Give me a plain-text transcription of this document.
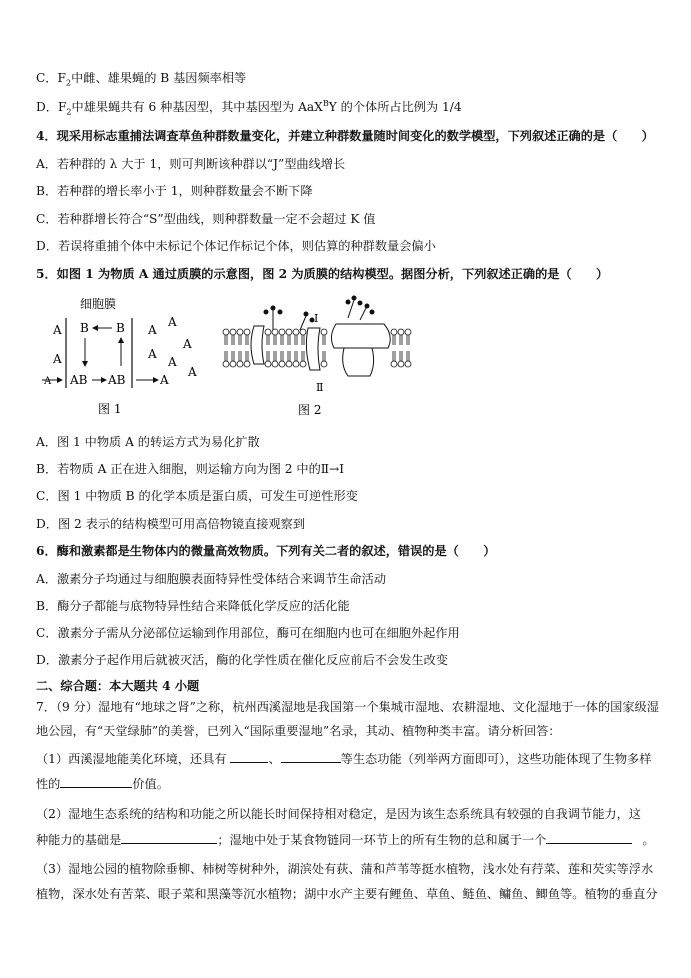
C．$F_2$中雌、雄果蝇的 B 基因频率相等
D．$F_2$中雄果蝇共有 6 种基因型，其中基因型为 AaX$^B$Y 的个体所占比例为 1/4
4．现采用标志重捕法调查草鱼种群数量变化，并建立种群数量随时间变化的数学模型，下列叙述正确的是（　　）
A．若种群的 λ 大于 1，则可判断该种群以“J”型曲线增长
B．若种群的增长率小于 1，则种群数量会不断下降
C．若种群增长符合“S”型曲线，则种群数量一定不会超过 K 值
D．若误将重捕个体中未标记个体记作标记个体，则估算的种群数量会偏小
5．如图 1 为物质 A 通过质膜的示意图，图 2 为质膜的结构模型。据图分析，下列叙述正确的是（　　）
细胞膜
A
A
B B
A AB AB	A
A
A
A
A
A
A
图 1
Ⅰ
Ⅱ
图 2
A．图 1 中物质 A 的转运方式为易化扩散
B．若物质 A 正在进入细胞，则运输方向为图 2 中的Ⅱ→Ⅰ
C．图 1 中物质 B 的化学本质是蛋白质，可发生可逆性形变
D．图 2 表示的结构模型可用高倍物镜直接观察到
6．酶和激素都是生物体内的微量高效物质。下列有关二者的叙述，错误的是（　　）
A．激素分子均通过与细胞膜表面特异性受体结合来调节生命活动
B．酶分子都能与底物特异性结合来降低化学反应的活化能
C．激素分子需从分泌部位运输到作用部位，酶可在细胞内也可在细胞外起作用
D．激素分子起作用后就被灭活，酶的化学性质在催化反应前后不会发生改变
二、综合题：本大题共 4 小题
7．（9 分）湿地有“地球之肾”之称，杭州西溪湿地是我国第一个集城市湿地、农耕湿地、文化湿地于一体的国家级湿
地公园，有“天堂绿肺”的美誉，已列入“国际重要湿地”名录，其动、植物种类丰富。请分析回答：
（1）西溪湿地能美化环境，还具有	、	等生态功能（列举两方面即可），这些功能体现了生物多样
性的	价值。
（2）湿地生态系统的结构和功能之所以能长时间保持相对稳定，是因为该生态系统具有较强的自我调节能力，这
种能力的基础是	；湿地中处于某食物链同一环节上的所有生物的总和属于一个	。
（3）湿地公园的植物除垂柳、柿树等树种外，湖滨处有荻、蒲和芦苇等挺水植物，浅水处有荇菜、莲和芡实等浮水
植物，深水处有苦菜、眼子菜和黑藻等沉水植物；湖中水产主要有鲤鱼、草鱼、鲢鱼、鳙鱼、鲫鱼等。植物的垂直分
